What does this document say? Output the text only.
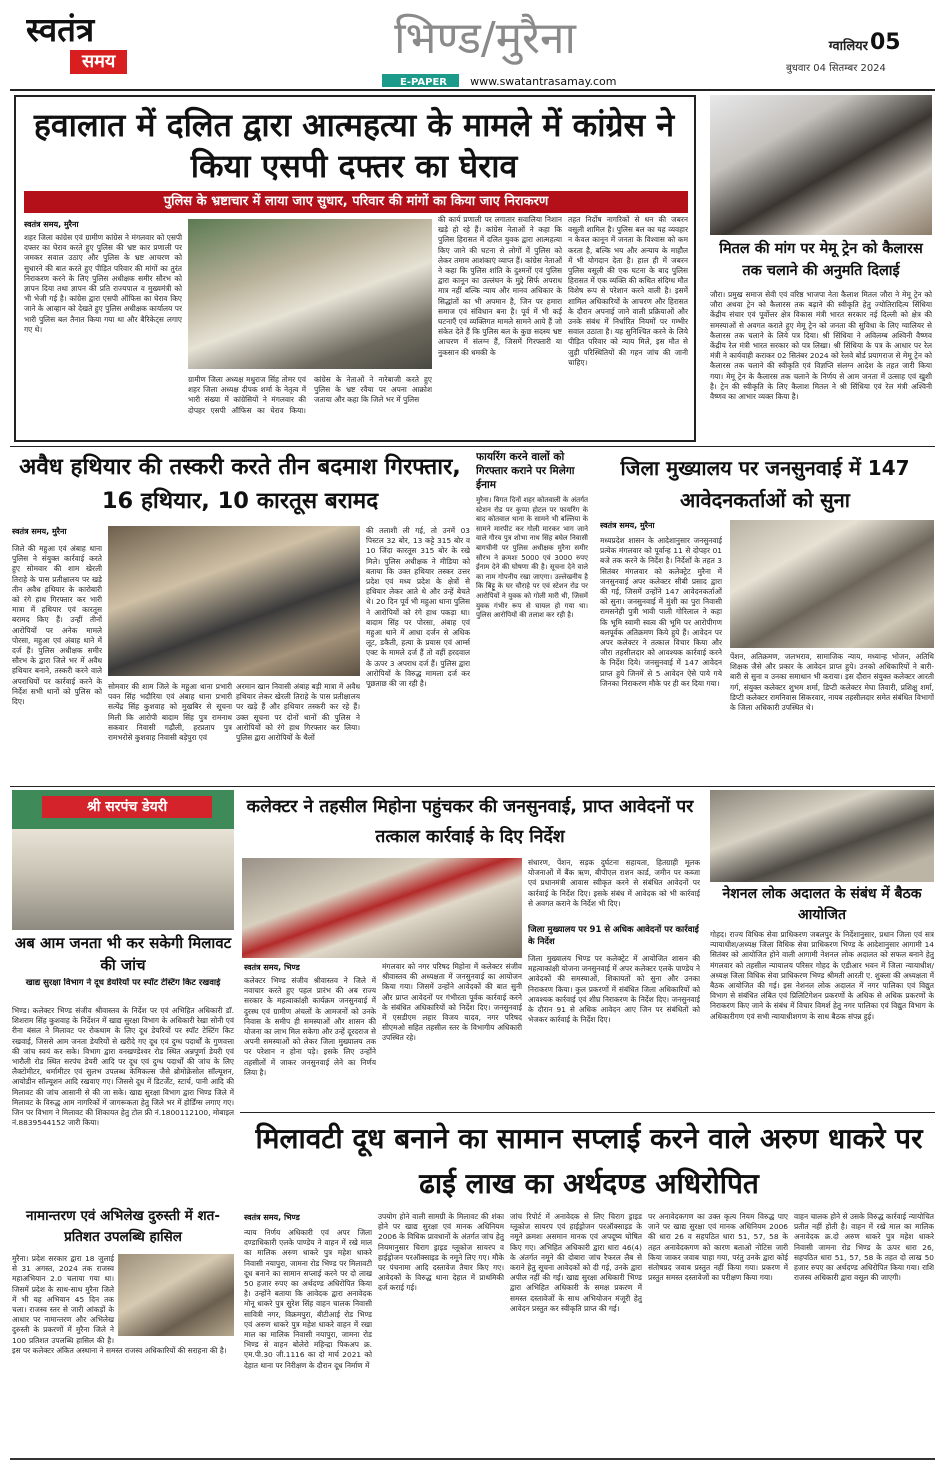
स्वतंत्र
समय	भिण्ड/मुरैना
E-PAPER www.swatantrasamay.com
ग्वालियर 05
बुधवार 04 सितम्बर 2024
हवालात में दलित द्वारा आत्महत्या के मामले में कांग्रेस ने किया एसपी दफ्तर का घेराव
पुलिस के भ्रष्टाचार में लाया जाए सुधार, परिवार की मांगों का किया जाए निराकरण
स्वतंत्र समय, मुरैना
शहर जिला कांग्रेस एवं ग्रामीण कांग्रेस ने मंगलवार को एसपी दफ्तर का घेराव करते हुए पुलिस की भ्रष्ट कार प्रणाली पर जमकर सवाल उठाए और पुलिस के भ्रष्ट आचरण को सुधारने की बात करते हुए पीड़ित परिवार की मांगों का तुरंत निराकरण करने के लिए पुलिस अधीक्षक समीर सौरभ को ज्ञापन दिया तथा ज्ञापन की प्रति राज्यपाल व मुख्यमंत्री को भी भेजी गई है। कांग्रेस द्वारा एसपी ऑफिस का घेराव किए जाने के आव्हान को देखते हुए पुलिस अधीक्षक कार्यालय पर भारी पुलिस बल तैनात किया गया था और बैरिकेट्स लगाए गए थे।
ग्रामीण जिला अध्यक्ष मधुराज सिंह तोमर एवं शहर जिला अध्यक्ष दीपक शर्मा के नेतृत्व में भारी संख्या में कांग्रेसियों ने मंगलवार की दोपहर एसपी ऑफिस का घेराव किया। कांग्रेस के नेताओं ने नारेबाजी करते हुए पुलिस के भ्रष्ट रवैया पर अपना आक्रोश जताया और कहा कि जिले भर में पुलिस
की कार्य प्रणाली पर लगातार सवालिया निशान खड़े हो रहे हैं। कांग्रेस नेताओं ने कहा कि पुलिस हिरासत में दलित युवक द्वारा आत्महत्या किए जाने की घटना से लोगों में पुलिस को लेकर तमाम आशंकाएं व्याप्त हैं। कांग्रेस नेताओं ने कहा कि पुलिस शांति के दुश्मनों एवं पुलिस द्वारा कानून का उल्लंघन के मुद्दे सिर्फ अपराध मात्र नहीं बल्कि न्याय और मानव अधिकार के सिद्धांतों का भी अपमान है, जिन पर हमारा समाज एवं संविधान बना है। पूर्व में भी कई घटनाएँ एवं व्यक्तिगत मामले सामने आये हैं जो संकेत देते हैं कि पुलिस बल के कुछ सदस्य भ्रष्ट आचरण में संलग्न हैं, जिसमें गिरफ्तारी या नुकसान की धमकी के
तहत निर्दोष नागरिकों से धन की जबरन वसूली शामिल है। पुलिस बल का यह व्यवहार न केवल कानून में जनता के विश्वास को कम करता है, बल्कि भय और अन्याय के माहौल में भी योगदान देता है। हाल ही में जबरन पुलिस वसूली की एक घटना के बाद पुलिस हिरासत में एक व्यक्ति की कथित संदिग्ध मौत विशेष रूप से परेशान करने वाली है। इसमें शामिल अधिकारियों के आचरण और हिरासत के दौरान अपनाई जाने वाली प्रक्रियाओं और उनके संबंध में निर्धारित नियमों पर गम्भीर सवाल उठाता है। यह सुनिश्चित करने के लिये पीड़ित परिवार को न्याय मिले, इस मौत से जुड़ी परिस्थितियों की गहन जांच की जानी चाहिए।
मितल की मांग पर मेमू ट्रेन को कैलारस तक चलाने की अनुमति दिलाई
जौरा। प्रमुख समाज सेवी एवं वरिष्ठ भाजपा नेता कैलाश मितल जौरा ने मेमू ट्रेन को जौरा अथवा ट्रेन को कैलारस तक बढ़ाने की स्वीकृति हेतु ज्योतिरादित्य सिंधिया केंद्रीय संचार एवं पूर्वोत्तर क्षेत्र विकास मंत्री भारत सरकार नई दिल्ली को क्षेत्र की समस्याओं से अवगत कराते हुए मेमू ट्रेन को जनता की सुविधा के लिए ग्वालियर से कैलारस तक चलाने के लिये पत्र दिया। श्री सिंधिया ने अविलम्ब अश्विनी वैष्णव केंद्रीय रेल मंत्री भारत सरकार को पत्र लिखा। श्री सिंधिया के पत्र के आधार पर रेल मंत्री ने कार्यवाही कराकर 02 सितंबर 2024 को रेलवे बोर्ड प्रयागराज से मेमू ट्रेन को कैलारस तक चलाने की स्वीकृति एवं विज्ञप्ति संलग्न आदेश के तहत जारी किया गया। मेमू ट्रेन के कैलारस तक चलाने के निर्णय से आम जनता में उत्साह एवं खुशी है। ट्रेन की स्वीकृति के लिए कैलाश मितल ने श्री सिंधिया एवं रेल मंत्री अश्विनी वैष्णव का आभार व्यक्त किया है।
अवैध हथियार की तस्करी करते तीन बदमाश गिरफ्तार, 16 हथियार, 10 कारतूस बरामद
स्वतंत्र समय, मुरैना
जिले की महुआ एवं अंबाह थाना पुलिस ने संयुक्त कार्रवाई करते हुए सोमवार की शाम खेरली तिराहे के पास प्रतीक्षालय पर खड़े तीन अवैध हथियार के कारोबारी को रंगे हाथ गिरफ्तार कर भारी मात्रा में हथियार एवं कारतूस बरामद किए हैं। उन्हीं तीनों आरोपियों पर अनेक मामले पोरसा, महुआ एवं अंबाह थाने में दर्ज हैं। पुलिस अधीक्षक समीर सौरभ के द्वारा जिले भर में अवैध हथियार बनाने, तस्करी करने वाले अपराधियों पर कार्रवाई करने के निर्देश सभी थानों को पुलिस को दिए।
सोमवार की शाम जिले के महुआ थाना प्रभारी पवन सिंह भदौरिया एवं अंबाह थाना प्रभारी सत्येंद्र सिंह कुशवाह को मुखबिर से सूचना मिली कि आरोपी बादाम सिंह पुत्र रामनाथ सकवार निवासी गढ़ौली, हरप्रताप पुत्र रामभरोसे कुशवाह निवासी बड़ेपुरा एवं
अरमान खान निवासी अंबाह बड़ी मात्रा में अवैध हथियार लेकर खेरली तिराहे के पास प्रतीक्षालय पर खड़े हैं और हथियार तस्करी कर रहे हैं। उक्त सूचना पर दोनों थानों की पुलिस ने आरोपियों को रंगे हाथ गिरफ्तार कर लिया। पुलिस द्वारा आरोपियों के थैलों
की तलाशी ली गई, तो उनमें 03 पिस्टल 32 बोर, 13 कट्टे 315 बोर व 10 जिंदा कारतूस 315 बोर के रखे मिले। पुलिस अधीक्षक ने मीडिया को बताया कि उक्त हथियार तस्कर उत्तर प्रदेश एवं मध्य प्रदेश के क्षेत्रों से हथियार लेकर आते थे और उन्हें बेचते थे। 20 दिन पूर्व भी महुआ थाना पुलिस ने आरोपियों को रंगे हाथ पकड़ा था। बादाम सिंह पर पोरसा, अंबाह एवं महुआ थाने में आधा दर्जन से अधिक लूट, डकैती, हत्या के प्रयास एवं आर्म्स एक्ट के मामले दर्ज हैं तो वहीं हरदवाल के ऊपर 3 अपराध दर्ज हैं। पुलिस द्वारा आरोपियों के विरुद्ध मामला दर्ज कर पूछताछ की जा रही है।
फायरिंग करने वालों को गिरफ्तार कराने पर मिलेगा ईनाम
मुरैना। विगत दिनों शहर कोतवाली के अंतर्गत स्टेशन रोड पर कुप्पा होटल पर फायरिंग के बाद कोतवाल थाना के सामने भी बल्लिया के सामने मारपीट कर गोली मारकर भाग जाने वाले गौरव पुत्र शोभा नाथ सिंह बघेल निवासी बागचीनी पर पुलिस अधीक्षक मुरैना समीर सौरभ ने क्रमशः 5000 एवं 3000 रुपए ईनाम देने की घोषणा की है। सूचना देने वाले का नाम गोपनीय रखा जाएगा। उल्लेखनीय है कि बिट्टू के घर चौराहे पर एवं स्टेशन रोड पर आरोपियों ने युवक को गोली मारी थी, जिसमें युवक गंभीर रूप से घायल हो गया था। पुलिस आरोपियों की तलाश कर रही है।
जिला मुख्यालय पर जनसुनवाई में 147 आवेदनकर्ताओं को सुना
स्वतंत्र समय, मुरैना
मध्यप्रदेश शासन के आदेशानुसार जनसुनवाई प्रत्येक मंगलवार को पूर्वान्ह 11 से दोपहर 01 बजे तक करने के निर्देश है। निर्देशों के तहत 3 सितंबर मंगलवार को कलेक्ट्रेट मुरैना में जनसुनवाई अपर कलेक्टर सीबी प्रसाद द्वारा की गई, जिसमें उन्होंने 147 आवेदनकर्ताओं को सुना। जनसुनवाई में मुंशी का पुरा निवासी रामसनेही पुत्री भावी पाली गोरिलाल ने कहा कि भूमि स्वामी स्वत्व की भूमि पर आरोपीगण बलपूर्वक अतिक्रमण किये हुये हैं। आवेदन पर अपर कलेक्टर ने तत्काल विचार किया और जौरा तहसीलदार को आवश्यक कार्रवाई करने के निर्देश दिये। जनसुनवाई में 147 आवेदन प्राप्त हुये जिनमें से 5 आवेदन ऐसे पाये गये जिनका निराकरण मौके पर ही कर दिया गया।
पेंशन, अतिक्रमण, जलभराव, सामाजिक न्याय, मध्यान्ह भोजन, अतिथि शिक्षक जैसे और प्रकार के आवेदन प्राप्त हुये। उनको अधिकारियों ने बारी-बारी से सुना व उनका समाधान भी कराया। इस दौरान संयुक्त कलेक्टर आरती गर्ग, संयुक्त कलेक्टर शुभम शर्मा, डिप्टी कलेक्टर मेघा तिवारी, प्रशिक्षु शर्मा, डिप्टी कलेक्टर रामनिवास सिकरवार, नायब तहसीलदार समेत संबंधित विभागों के जिला अधिकारी उपस्थित थे।
श्री सरपंच डेयरी
अब आम जनता भी कर सकेगी मिलावट की जांच
खाद्य सुरक्षा विभाग ने दूध डेयरियों पर स्पॉट टेस्टिंग किट रखवाई
भिण्ड। कलेक्टर भिण्ड संजीव श्रीवास्तव के निर्देश पर एवं अभिहित अधिकारी डॉ. शिशराम सिंह कुशवाह के निर्देशन में खाद्य सुरक्षा विभाग के अधिकारी रेखा सोनी एवं रीना बंसल ने मिलावट पर रोकथाम के लिए दूध डेयरियों पर स्पॉट टेस्टिंग किट रखवाई, जिससे आम जनता डेयरियों से खरीदे गए दूध एवं दुग्ध पदार्थों के गुणवत्ता की जांच स्वयं कर सके। विभाग द्वारा वनखण्डेश्वर रोड स्थित अन्नपूर्णा डेयरी एवं भारौली रोड स्थित सरपंच डेयरी आदि पर दूध एवं दुग्ध पदार्थों की जांच के लिए लैक्टोमीटर, थर्मामीटर एवं सुलभ उपलब्ध केमिकल्स जैसे ब्रोमोक्रेसोल सॉल्यूशन, आयोडीन सॉल्यूशन आदि रखवाए गए। जिससे दूध में डिटर्जेंट, स्टार्च, पानी आदि की मिलावट की जांच आसानी से की जा सके। खाद्य सुरक्षा विभाग द्वारा भिण्ड जिले में मिलावट के विरुद्ध आम नागरिकों में जागरूकता हेतु जिले भर में होर्डिंग्स लगाए गए। जिन पर विभाग ने मिलावट की शिकायत हेतु टोल फ्री नं.1800112100, मोबाइल नं.8839544152 जारी किया।
कलेक्टर ने तहसील मिहोना पहुंचकर की जनसुनवाई, प्राप्त आवेदनों पर तत्काल कार्रवाई के दिए निर्देश
संधारण, पेंशन, सड़क दुर्घटना सहायता, हितग्राही मूलक योजनाओं में बैंक ऋण, बीपीएल राशन कार्ड, जमीन पर कब्जा एवं प्रधानमंत्री आवास स्वीकृत करने से संबंधित आवेदनों पर कार्रवाई के निर्देश दिए। इसके संबंध में आवेदक को भी कार्रवाई से अवगत कराने के निर्देश भी दिए।
जिला मुख्यालय पर 91 से अधिक आवेदनों पर कार्रवाई के निर्देश
स्वतंत्र समय, भिण्ड
कलेक्टर भिण्ड संजीव श्रीवास्तव ने जिले में नवाचार करते हुए पहल प्रारंभ की अब राज्य सरकार के महत्वाकांक्षी कार्यक्रम जनसुनवाई में दुरस्थ एवं ग्रामीण अंचलों के आमजनों को उनके निवास के समीप ही समस्याओं और शासन की योजना का लाभ मिल सकेगा और उन्हें दूरदराज से अपनी समस्याओं को लेकर जिला मुख्यालय तक पर परेशान न होना पड़े। इसके लिए उन्होंने तहसीलों में जाकर जनसुनवाई लेने का निर्णय लिया है।
मंगलवार को नगर परिषद मिहोना में कलेक्टर संजीव श्रीवास्तव की अध्यक्षता में जनसुनवाई का आयोजन किया गया। जिसमें उन्होंने आवेदकों की बात सुनी और प्राप्त आवेदनों पर गंभीरता पूर्वक कार्रवाई करने के संबंधित अधिकारियों को निर्देश दिए। जनसुनवाई में एसडीएम लहार विजय यादव, नगर परिषद सीएमओ सहित तहसील स्तर के विभागीय अधिकारी उपस्थित रहे।
जिला मुख्यालय भिण्ड पर कलेक्ट्रेट में आयोजित शासन की महत्वाकांक्षी योजना जनसुनवाई में अपर कलेक्टर एलके पाण्डेय ने आवेदकों की समस्याओं, शिकायतों को सुना और उनका निराकरण किया। कुल प्रकरणों में संबंधित जिला अधिकारियों को आवश्यक कार्रवाई एवं शीघ्र निराकरण के निर्देश दिए। जनसुनवाई के दौरान 91 से अधिक आवेदन आए जिन पर संबंधितों को भेजकर कार्रवाई के निर्देश दिए।
नेशनल लोक अदालत के संबंध में बैठक आयोजित
गोहद। राज्य विधिक सेवा प्राधिकरण जबलपुर के निर्देशानुसार, प्रधान जिला एवं सत्र न्यायाधीश/अध्यक्ष जिला विधिक सेवा प्राधिकरण भिण्ड के आदेशानुसार आगामी 14 सितंबर को आयोजित होने वाली आगामी नेशनल लोक अदालत को सफल बनाने हेतु मंगलवार को तहसील न्यायालय परिसर गोहद के एडीआर भवन में जिला न्यायाधीश/अध्यक्ष जिला विधिक सेवा प्राधिकरण भिण्ड श्रीमती आरती ए. शुक्ला की अध्यक्षता में बैठक आयोजित की गई। इस नेशनल लोक अदालत में नगर पालिका एवं विद्युत विभाग से संबंधित लंबित एवं प्रिलिटिगेशन प्रकरणों के अधिक से अधिक प्रकरणों के निराकरण किए जाने के संबंध में विचार विमर्श हेतु नगर पालिका एवं विद्युत विभाग के अधिकारीगण एवं सभी न्यायाधीशगण के साथ बैठक संपन्न हुई।
मिलावटी दूध बनाने का सामान सप्लाई करने वाले अरुण धाकरे पर ढाई लाख का अर्थदण्ड अधिरोपित
स्वतंत्र समय, भिण्ड
न्याय निर्णय अधिकारी एवं अपर जिला दण्डाधिकारी एलके पाण्डेय ने वाहन में रखे माल का मालिक अरुण धाकरे पुत्र महेश धाकरे निवासी नयापुरा, जामना रोड भिण्ड पर मिलावटी दूध बनाने का सामान सप्लाई करने पर दो लाख 50 हजार रुपए का अर्थदण्ड अधिरोपित किया है। उन्होंने बताया कि आवेदक द्वारा अनावेदक मोनू धाकरे पुत्र सुरेश सिंह वाहन चालक निवासी सावित्री नगर, विक्रमपुरा, बीटीआई रोड भिण्ड एवं अरुण धाकरे पुत्र महेश धाकरे वाहन में रखा माल का मालिक निवासी नयापुरा, जामना रोड भिण्ड से वाहन बोलेरो महिन्द्रा पिकअप क्र. एम.पी.30 जी.1116 का दो मार्च 2021 को देहात थाना पर निरीक्षण के दौरान दूध निर्माण में
उपयोग होने वाली सामग्री के मिलावट की शंका होने पर खाद्य सुरक्षा एवं मानक अधिनियम 2006 के विधिक प्रावधानों के अंतर्गत जांच हेतु नियमानुसार चिराग ड्राइड ग्लूकोज सायरप व हाईड्रोजन परऑक्साइड के नमूने लिए गए। मौके पर पंचनामा आदि दस्तावेज तैयार किए गए। आवेदकों के विरुद्ध थाना देहात में प्राथमिकी दर्ज कराई गई।
जांच रिपोर्ट में अनावेदक से लिए चिराग ड्राइड ग्लूकोज सायरप एवं हाईड्रोजन परऑक्साइड के नमूने क्रमशः असमान मानक एवं अपदूष्य घोषित किए गए। अभिहित अधिकारी द्वारा धारा 46(4) के अंतर्गत नमूने की दोबारा जांच रैफरल लैब से कराने हेतु सूचना आवेदकों को दी गई, उनके द्वारा अपील नहीं की गई। खाद्य सुरक्षा अधिकारी भिण्ड द्वारा अभिहित अधिकारी के समक्ष प्रकरण में समस्त दस्तावेजों के साथ अभियोजन मंजूरी हेतु आवेदन प्रस्तुत कर स्वीकृति प्राप्त की गई।
पर अनावेदकगण का उक्त कृत्य नियम विरुद्ध पाए जाने पर खाद्य सुरक्षा एवं मानक अधिनियम 2006 की धारा 26 व सहपठित धारा 51, 57, 58 के तहत अनावेदकगण को कारण बताओ नोटिस जारी किया जाकर जवाब चाहा गया, परंतु उनके द्वारा कोई संतोषप्रद जवाब प्रस्तुत नहीं किया गया। प्रकरण में प्रस्तुत समस्त दस्तावेजों का परीक्षण किया गया।
वाहन चालक होने से उसके विरुद्ध कार्रवाई न्यायोचित प्रतीत नहीं होती है। वाहन में रखे माल का मालिक अनावेदक क्र.दो अरुण धाकरे पुत्र महेश धाकरे निवासी जामना रोड भिण्ड के ऊपर धारा 26, सहपठित धारा 51, 57, 58 के तहत दो लाख 50 हजार रुपए का अर्थदण्ड अधिरोपित किया गया। राशि राजस्व अधिकारी द्वारा वसूल की जाएगी।
नामान्तरण एवं अभिलेख दुरुस्ती में शत-प्रतिशत उपलब्धि हासिल
मुरैना। प्रदेश सरकार द्वारा 18 जुलाई से 31 अगस्त, 2024 तक राजस्व महाअभियान 2.0 चलाया गया था। जिसमें प्रदेश के साथ-साथ मुरैना जिले में भी यह अभियान 45 दिन तक चला। राजस्व स्तर से जारी आंकड़ों के आधार पर नामान्तरण और अभिलेख दुरुस्ती के प्रकरणों में मुरैना जिले ने 100 प्रतिशत उपलब्धि हासिल की है। इस पर कलेक्टर अंकित अस्थाना ने समस्त राजस्व अधिकारियों की सराहना की है।
